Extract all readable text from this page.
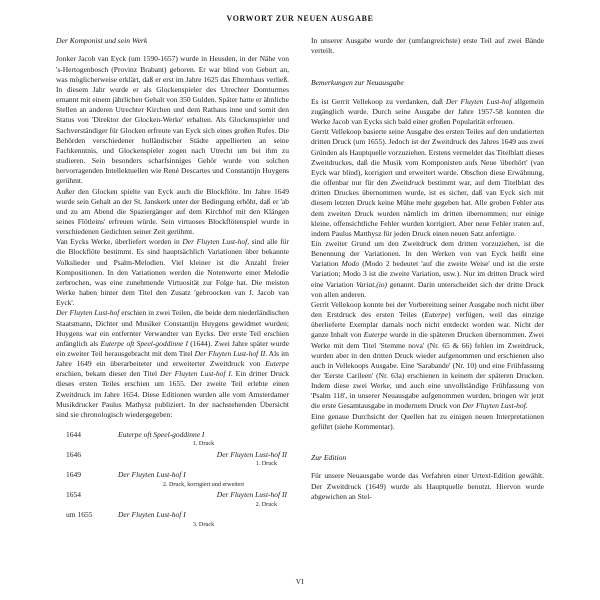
VORWORT ZUR NEUEN AUSGABE
Der Komponist und sein Werk

Jonker Jacob van Eyck (um 1590-1657) wurde in Heusden, in der Nähe von 's-Hertogenbosch (Provinz Brabant) geboren. Er war blind von Geburt an, was möglicherweise erklärt, daß er erst im Jahre 1625 das Elternhaus verließ. In diesem Jahr wurde er als Glockenspieler des Utrechter Domturmes ernannt mit einem jährlichen Gehalt von 350 Gulden. Später hatte er ähnliche Stellen an anderen Utrechter Kirchen und dem Rathaus inne und somit den Status von 'Direktor der Glocken-Werke' erhalten. Als Glockenspieler und Sachverständiger für Glocken erfreute van Eyck sich eines großen Rufes. Die Behörden verschiedener holländischer Städte appellierten an seine Fachkenntnis, und Glockenspieler zogen nach Utrecht um bei ihm zu studieren. Sein besonders scharfsinniges Gehör wurde von solchen hervorragenden Intellektuellen wie René Descartes und Constantijn Huygens gerühmt.

Außer den Glocken spielte van Eyck auch die Blockflöte. Im Jahre 1649 wurde sein Gehalt an der St. Janskerk unter der Bedingung erhöht, daß er 'ab und zu am Abend die Spaziergänger auf dem Kirchhof mit den Klängen seines Flötleins' erfreuen würde. Sein virtuoses Blockflötenspiel wurde in verschiedenen Gedichten seiner Zeit gerühmt.

Van Eycks Werke, überliefert worden in Der Fluyten Lust-hof, sind alle für die Blockflöte bestimmt. Es sind hauptsächlich Variationen über bekannte Volkslieder und Psalm-Melodien. Viel kleiner ist die Anzahl freier Kompositionen. In den Variationen werden die Notenwerte einer Melodie zerbrochen, was eine zunehmende Virtuosität zur Folge hat. Die meisten Werke haben hinter dem Titel den Zusatz 'gebroocken van J. Jacob van Eyck'.

Der Fluyten Lust-hof erschien in zwei Teilen, die beide dem niederländischen Staatsmann, Dichter und Musiker Constantijn Huygens gewidmet wurden; Huygens war ein entfernter Verwandter van Eycks. Der erste Teil erschien anfänglich als Euterpe oft Speel-goddinne I (1644). Zwei Jahre später wurde ein zweiter Teil herausgebracht mit dem Titel Der Fluyten Lust-hof II. Als im Jahre 1649 ein überarbeiteter und erweiterter Zweitdruck von Euterpe erschien, bekam dieser den Titel Der Fluyten Lust-hof I. Ein dritter Druck dieses ersten Teiles erschien um 1655. Der zweite Teil erlebte einen Zweitdruck im Jahre 1654. Diese Editionen wurden alle vom Amsterdamer Musikdrucker Paulus Mathysz publiziert. In der nachstehenden Übersicht sind sie chronologisch wiedergegeben:

1644	Euterpe oft Speel-goddinne I
1. Druck

1646	Der Fluyten Lust-hof II
1. Druck

1649	Der Fluyten Lust-hof I
2. Druck, korrigiert und erweitert

1654	Der Fluyten Lust-hof II
2. Druck

um 1655	Der Fluyten Lust-hof I
3. Druck

In unserer Ausgabe wurde der (umfangreichste) erste Teil auf zwei Bände verteilt.

Bemerkungen zur Neuausgabe

Es ist Gerrit Vellekoop zu verdanken, daß Der Fluyten Lust-hof allgemein zugänglich wurde. Durch seine Ausgabe der Jahre 1957-58 konnten die Werke Jacob van Eycks sich bald einer großen Popularität erfreuen.

Gerrit Vellekoop basierte seine Ausgabe des ersten Teiles auf den undatierten dritten Druck (um 1655). Jedoch ist der Zweitdruck des Jahres 1649 aus zwei Gründen als Hauptquelle vorzuziehen. Erstens vermeldet das Titelblatt dieses Zweitdruckes, daß die Musik vom Komponisten aufs Neue 'überhört' (van Eyck war blind), korrigiert und erweitert wurde. Obschon diese Erwähnung, die offenbar nur für den Zweitdruck bestimmt war, auf dem Titelblatt des dritten Druckes übernommen wurde, ist es sicher, daß van Eyck sich mit diesem letzten Druck keine Mühe mehr gegeben hat. Alle groben Fehler aus dem zweiten Druck wurden nämlich im dritten übernommen; nur einige kleine, offensichtliche Fehler wurden korrigiert. Aber neue Fehler traten auf, indem Paulus Matthysz für jeden Druck einen neuen Satz anfertigte.

Ein zweiter Grund um den Zweitdruck dem dritten vorzuziehen, ist die Benennung der Variationen. In den Werken von van Eyck heißt eine Variation Modo (Modo 2 bedeutet 'auf die zweite Weise' und ist die erste Variation; Modo 3 ist die zweite Variation, usw.). Nur im dritten Druck wird eine Variation Variat.(io) genannt. Darin unterscheidet sich der dritte Druck von allen anderen.

Gerrit Vellekoop konnte bei der Vorbereitung seiner Ausgabe noch nicht über den Erstdruck des ersten Teiles (Euterpe) verfügen, weil das einzige überlieferte Exemplar damals noch nicht entdeckt worden war. Nicht der ganze Inhalt von Euterpe wurde in die späteren Drucken übernommen. Zwei Werke mit dem Titel 'Stemme nova' (Nr. 65 & 66) fehlen im Zweitdruck, wurden aber in den dritten Druck wieder aufgenommen und erschienen also auch in Vellekoops Ausgabe. Eine 'Sarabande' (Nr. 10) und eine Frühfassung der 'Eerste Carileen' (Nr. 63a) erschienen in keinem der späteren Drucken. Indem diese zwei Werke, und auch eine unvollständige Frühfassung von 'Psalm 118', in unserer Neuausgabe aufgenommen wurden, bringen wir jetzt die erste Gesamtausgabe in modernem Druck von Der Fluyten Lust-hof.

Eine genaue Durchsicht der Quellen hat zu einigen neuen Interpretationen geführt (siehe Kommentar).

Zur Edition

Für unsere Neuausgabe wurde das Verfahren einer Urtext-Edition gewählt. Der Zweitdruck (1649) wurde als Hauptquelle benutzt. Hiervon wurde abgewichen an Stel-

VI
